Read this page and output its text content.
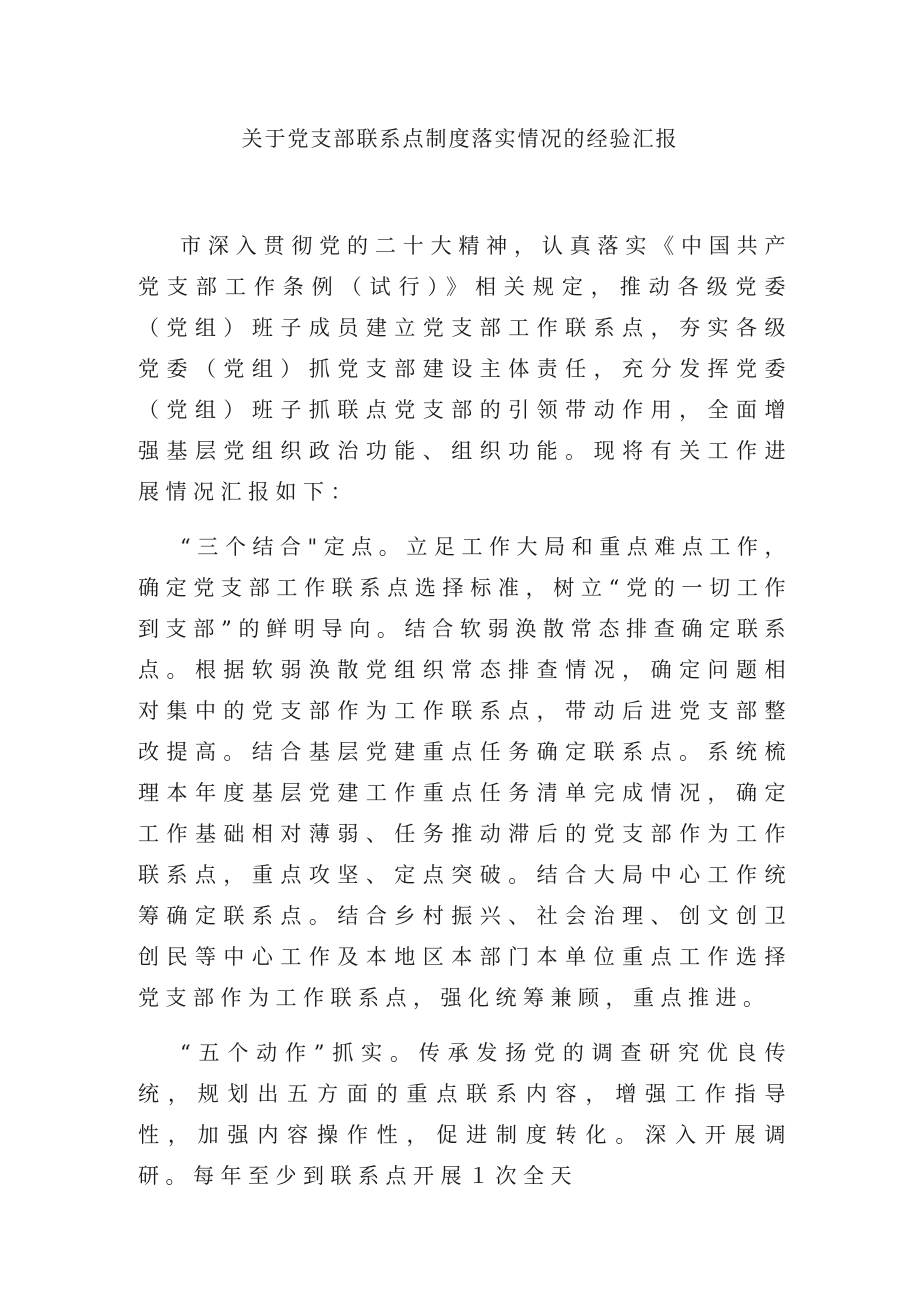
关于党支部联系点制度落实情况的经验汇报

市深入贯彻党的二十大精神，认真落实《中国共产党支部工作条例（试行）》相关规定，推动各级党委（党组）班子成员建立党支部工作联系点，夯实各级党委（党组）抓党支部建设主体责任，充分发挥党委（党组）班子抓联点党支部的引领带动作用，全面增强基层党组织政治功能、组织功能。现将有关工作进展情况汇报如下：

“三个结合"定点。立足工作大局和重点难点工作，确定党支部工作联系点选择标准，树立“党的一切工作到支部”的鲜明导向。结合软弱涣散常态排查确定联系点。根据软弱涣散党组织常态排查情况，确定问题相对集中的党支部作为工作联系点，带动后进党支部整改提高。结合基层党建重点任务确定联系点。系统梳理本年度基层党建工作重点任务清单完成情况，确定工作基础相对薄弱、任务推动滞后的党支部作为工作联系点，重点攻坚、定点突破。结合大局中心工作统筹确定联系点。结合乡村振兴、社会治理、创文创卫创民等中心工作及本地区本部门本单位重点工作选择党支部作为工作联系点，强化统筹兼顾，重点推进。

“五个动作”抓实。传承发扬党的调查研究优良传统，规划出五方面的重点联系内容，增强工作指导性，加强内容操作性，促进制度转化。深入开展调研。每年至少到联系点开展１次全天
